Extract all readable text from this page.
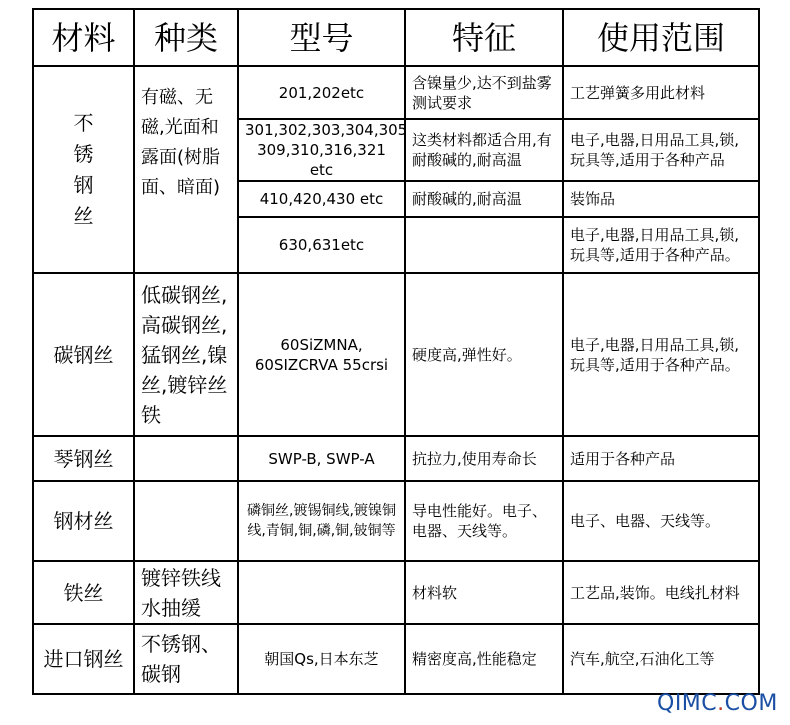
材料	种类	型号	特征	使用范围
不
锈
钢
丝	有磁、无磁,光面和露面(树脂面、暗面)	201,202etc	含镍量少,达不到盐雾测试要求	工艺弹簧多用此材料
		301,302,303,304,305 309,310,316,321 etc	这类材料都适合用,有耐酸碱的,耐高温	电子,电器,日用品工具,锁,玩具等,适用于各种产品
		410,420,430 etc	耐酸碱的,耐高温	装饰品
		630,631etc		电子,电器,日用品工具,锁,玩具等,适用于各种产品。
碳钢丝	低碳钢丝,高碳钢丝,猛钢丝,镍丝,镀锌丝铁	60SiZMNA, 60SIZCRVA 55crsi	硬度高,弹性好。	电子,电器,日用品工具,锁,玩具等,适用于各种产品。
琴钢丝		SWP-B, SWP-A	抗拉力,使用寿命长	适用于各种产品
钢材丝		磷铜丝,镀锡铜线,镀镍铜线,青铜,铜,磷,铜,铍铜等	导电性能好。电子、电器、天线等。	电子、电器、天线等。
铁丝	镀锌铁线水抽缓		材料软	工艺品,装饰。电线扎材料
进口钢丝	不锈钢、碳钢	朝国Qs,日本东芝	精密度高,性能稳定	汽车,航空,石油化工等
QIMC.COM
